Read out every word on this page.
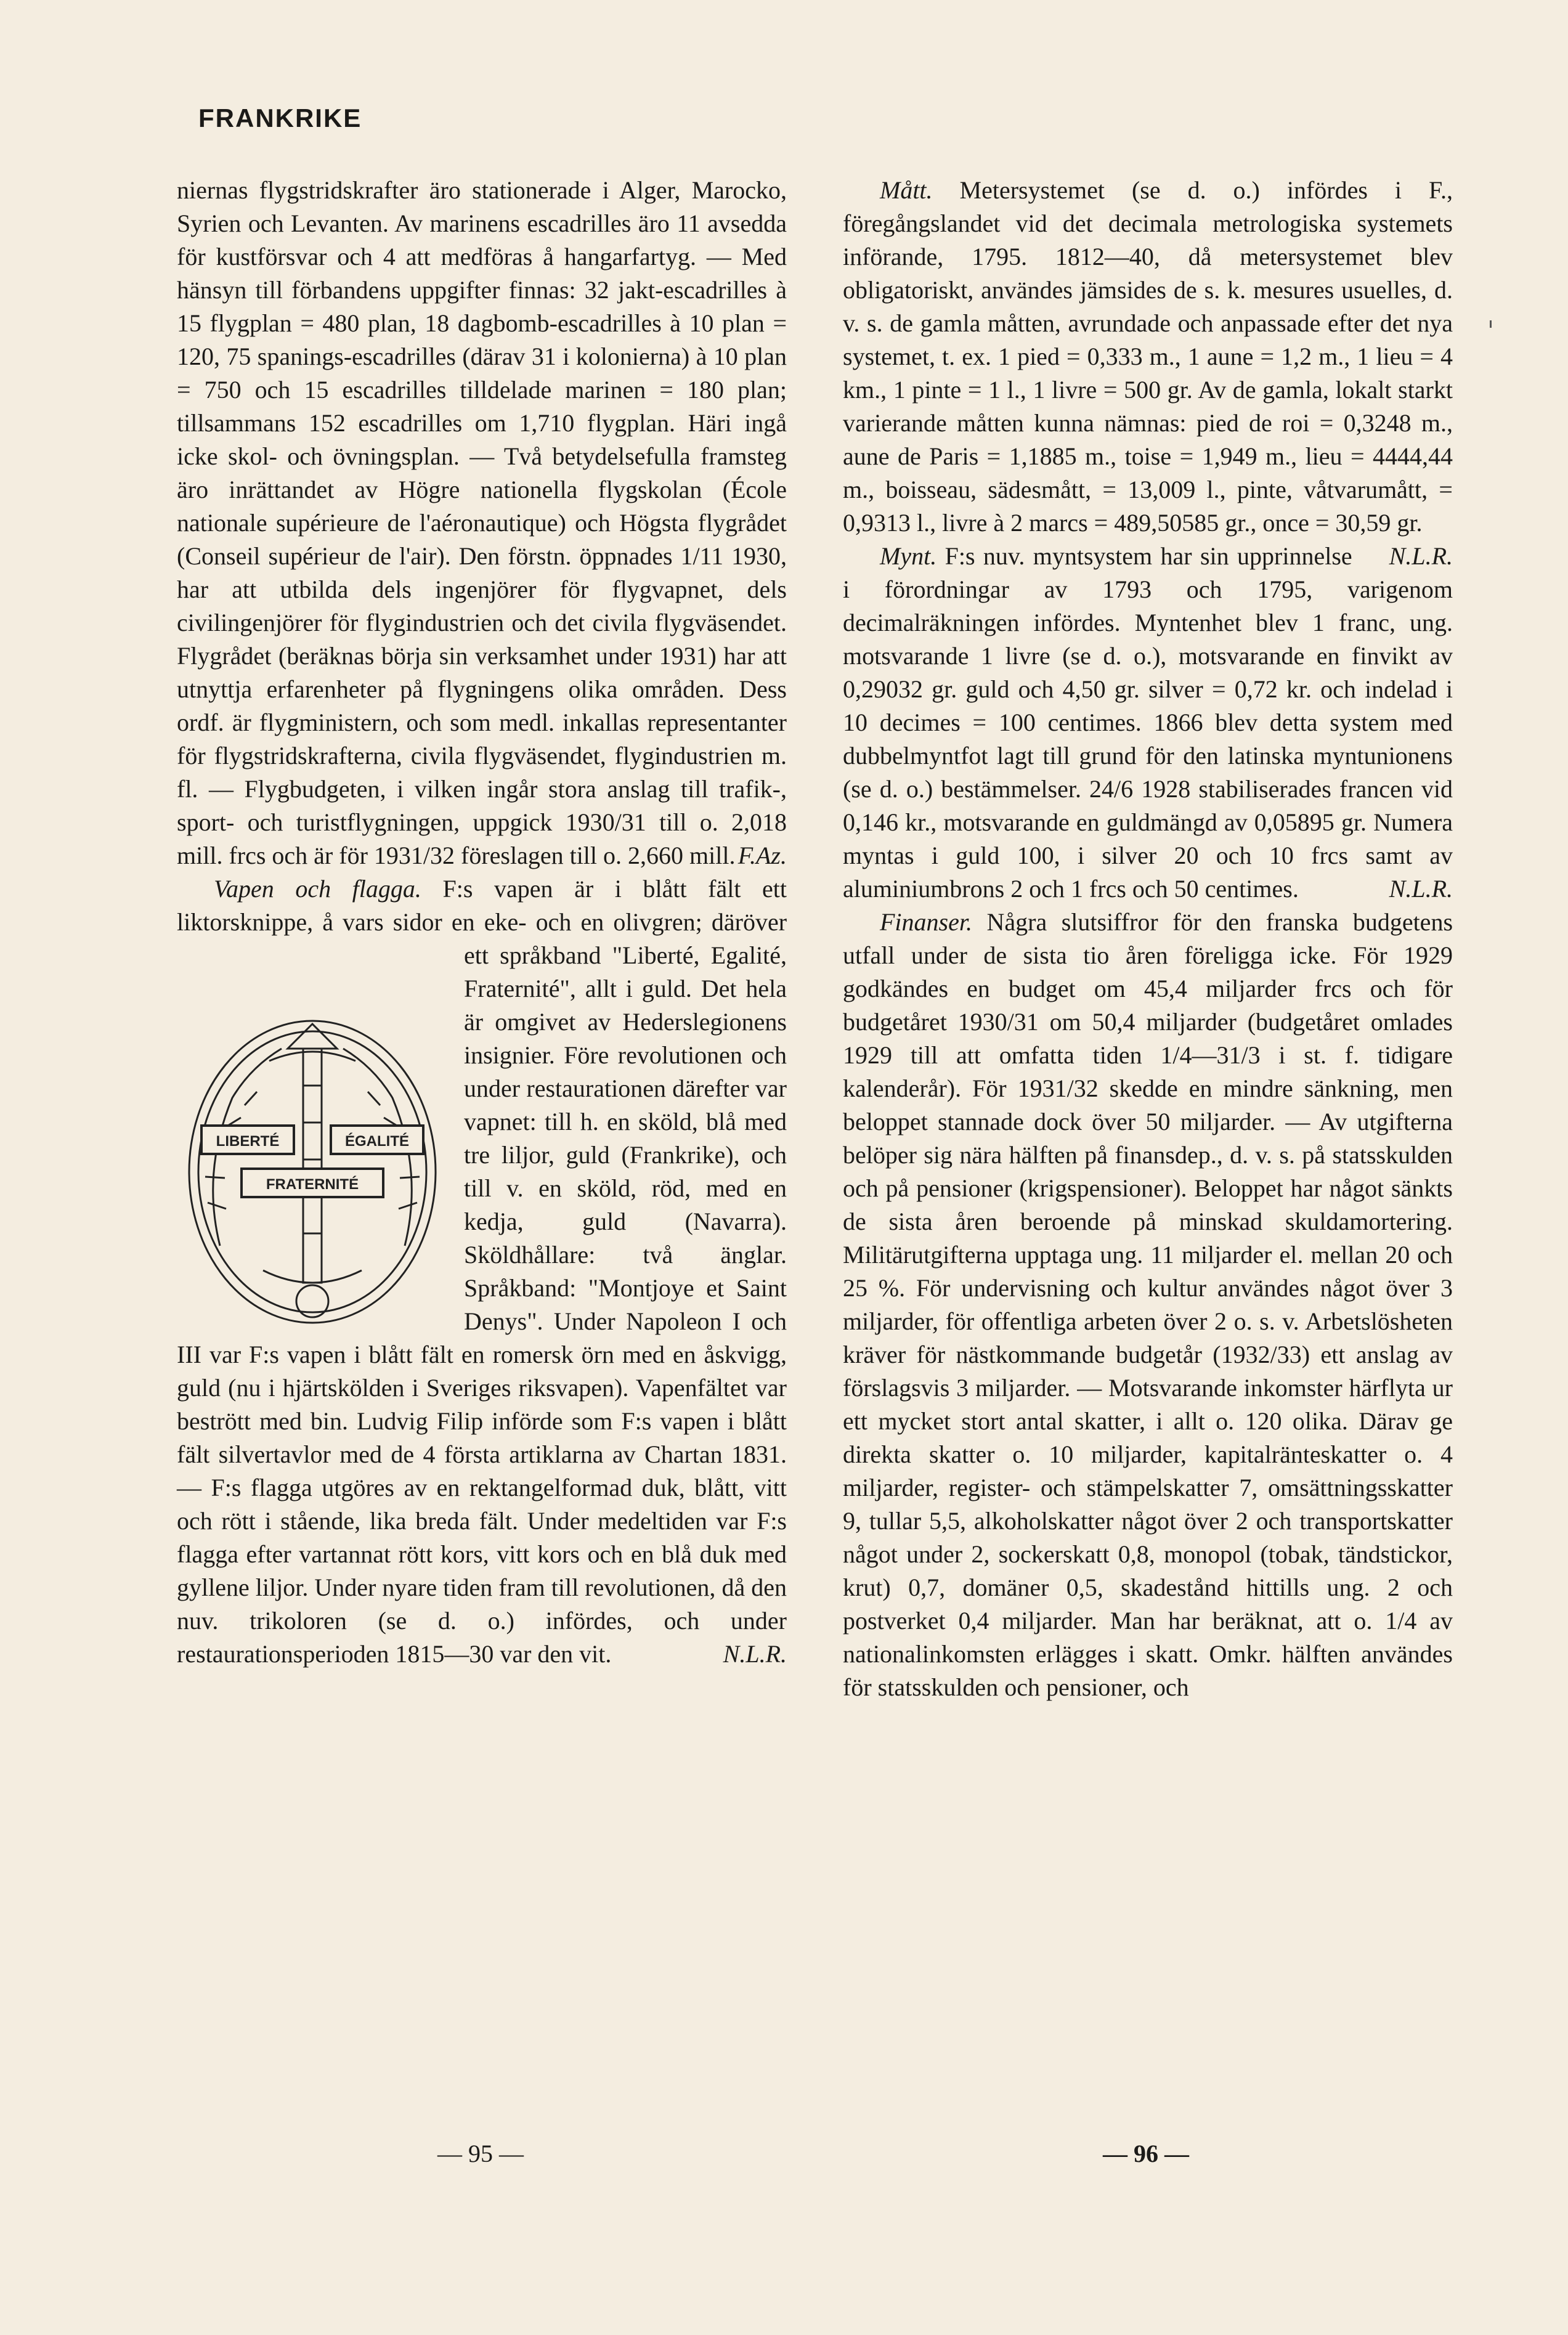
FRANKRIKE

niernas flygstridskrafter äro stationerade i Alger, Marocko, Syrien och Levanten. Av marinens escadrilles äro 11 avsedda för kustförsvar och 4 att medföras å hangarfartyg. — Med hänsyn till förbandens uppgifter finnas: 32 jakt-escadrilles à 15 flygplan = 480 plan, 18 dagbomb-escadrilles à 10 plan = 120, 75 spanings-escadrilles (därav 31 i kolonierna) à 10 plan = 750 och 15 escadrilles tilldelade marinen = 180 plan; tillsammans 152 escadrilles om 1,710 flygplan. Häri ingå icke skol- och övningsplan. — Två betydelsefulla framsteg äro inrättandet av Högre nationella flygskolan (École nationale supérieure de l'aéronautique) och Högsta flygrådet (Conseil supérieur de l'air). Den förstn. öppnades 1/11 1930, har att utbilda dels ingenjörer för flygvapnet, dels civilingenjörer för flygindustrien och det civila flygväsendet. Flygrådet (beräknas börja sin verksamhet under 1931) har att utnyttja erfarenheter på flygningens olika områden. Dess ordf. är flygministern, och som medl. inkallas representanter för flygstridskrafterna, civila flygväsendet, flygindustrien m. fl. — Flygbudgeten, i vilken ingår stora anslag till trafik-, sport- och turistflygningen, uppgick 1930/31 till o. 2,018 mill. frcs och är för 1931/32 föreslagen till o. 2,660 mill. F.Az.

Vapen och flagga. F:s vapen är i blått fält ett liktorsknippe, å vars sidor en eke- och en
LIBERTÉ	ÉGALITÉ
FRATERNITÉ
olivgren; däröver ett språkband "Liberté, Egalité, Fraternité", allt i guld. Det hela är omgivet av Hederslegionens insignier. Före revolutionen och under restaurationen därefter var vapnet: till h. en sköld, blå med tre liljor, guld (Frankrike), och till v. en sköld, röd, med en kedja, guld (Navarra). Sköldhållare: två änglar. Språkband: "Montjoye et Saint Denys". Under Napoleon I och III var F:s vapen i blått fält en romersk örn med en åskvigg, guld (nu i hjärtskölden i Sveriges riksvapen). Vapenfältet var bestrött med bin. Ludvig Filip införde som F:s vapen i blått fält silvertavlor med de 4 första artiklarna av Chartan 1831. — F:s flagga utgöres av en rektangelformad duk, blått, vitt och rött i stående, lika breda fält. Under medeltiden var F:s flagga efter vartannat rött kors, vitt kors och en blå duk med gyllene liljor. Under nyare tiden fram till revolutionen, då den nuv. trikoloren (se d. o.) infördes, och under restaurationsperioden 1815—30 var den vit.	N.L.R.

Mått. Metersystemet (se d. o.) infördes i F., föregångslandet vid det decimala metrologiska systemets införande, 1795. 1812—40, då metersystemet blev obligatoriskt, användes jämsides de s. k. mesures usuelles, d. v. s. de gamla måtten, avrundade och anpassade efter det nya systemet, t. ex. 1 pied = 0,333 m., 1 aune = 1,2 m., 1 lieu = 4 km., 1 pinte = 1 l., 1 livre = 500 gr. Av de gamla, lokalt starkt varierande måtten kunna nämnas: pied de roi = 0,3248 m., aune de Paris = 1,1885 m., toise = 1,949 m., lieu = 4444,44 m., boisseau, sädesmått, = 13,009 l., pinte, våtvarumått, = 0,9313 l., livre à 2 marcs = 489,50585 gr., once = 30,59 gr.
N.L.R.

Mynt. F:s nuv. myntsystem har sin upprinnelse i förordningar av 1793 och 1795, varigenom decimalräkningen infördes. Myntenhet blev 1 franc, ung. motsvarande 1 livre (se d. o.), motsvarande en finvikt av 0,29032 gr. guld och 4,50 gr. silver = 0,72 kr. och indelad i 10 decimes = 100 centimes. 1866 blev detta system med dubbelmyntfot lagt till grund för den latinska myntunionens (se d. o.) bestämmelser. 24/6 1928 stabiliserades francen vid 0,146 kr., motsvarande en guldmängd av 0,05895 gr. Numera myntas i guld 100, i silver 20 och 10 frcs samt av aluminiumbrons 2 och 1 frcs och 50 centimes.	N.L.R.

Finanser. Några slutsiffror för den franska budgetens utfall under de sista tio åren föreligga icke. För 1929 godkändes en budget om 45,4 miljarder frcs och för budgetåret 1930/31 om 50,4 miljarder (budgetåret omlades 1929 till att omfatta tiden 1/4—31/3 i st. f. tidigare kalenderår). För 1931/32 skedde en mindre sänkning, men beloppet stannade dock över 50 miljarder. — Av utgifterna belöper sig nära hälften på finansdep., d. v. s. på statsskulden och på pensioner (krigspensioner). Beloppet har något sänkts de sista åren beroende på minskad skuldamortering. Militärutgifterna upptaga ung. 11 miljarder el. mellan 20 och 25 %. För undervisning och kultur användes något över 3 miljarder, för offentliga arbeten över 2 o. s. v. Arbetslösheten kräver för nästkommande budgetår (1932/33) ett anslag av förslagsvis 3 miljarder. — Motsvarande inkomster härflyta ur ett mycket stort antal skatter, i allt o. 120 olika. Därav ge direkta skatter o. 10 miljarder, kapitalränteskatter o. 4 miljarder, register- och stämpelskatter 7, omsättningsskatter 9, tullar 5,5, alkoholskatter något över 2 och transportskatter något under 2, sockerskatt 0,8, monopol (tobak, tändstickor, krut) 0,7, domäner 0,5, skadestånd hittills ung. 2 och postverket 0,4 miljarder. Man har beräknat, att o. 1/4 av nationalinkomsten erlägges i skatt. Omkr. hälften användes för statsskulden och pensioner, och

— 95 —	— 96 —
